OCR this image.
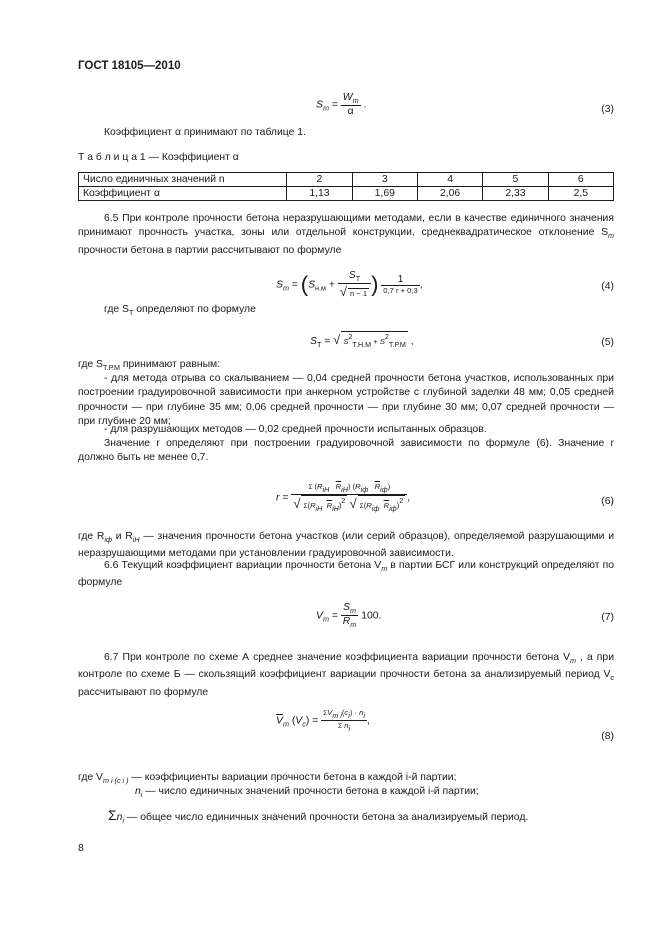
ГОСТ 18105—2010
$S_m = \frac{W_m}{\alpha}$ .	(3)

Коэффициент α принимают по таблице 1.

Т а б л и ц а 1 — Коэффициент α
Число единичных значений n	2	3	4	5	6
Коэффициент α	1,13	1,69	2,06	2,33	2,5

6.5 При контроле прочности бетона неразрушающими методами, если в качестве единичного значения принимают прочность участка, зоны или отдельной конструкции, среднеквадратическое отклонение $S_m$ прочности бетона в партии рассчитывают по формуле

$S_m = (S_{н.м} + \frac{S_Т}{√ n - 1}$ ) $\frac{1}{0,7 r + 0,3}$ ,	(4)

где $S_Т$ определяют по формуле

$S_Т$ = √ S2Т.Н.М + S2Т.Р.М ,	(5)

где $S_{Т.Р.М}$ принимают равным:

- для метода отрыва со скалыванием — 0,04 средней прочности бетона участков, использованных при построении градуировочной зависимости при анкерном устройстве с глубиной заделки 48 мм; 0,05 средней прочности — при глубине 35 мм; 0,06 средней прочности — при глубине 30 мм; 0,07 средней прочности — при глубине 20 мм;

- для разрушающих методов — 0,02 средней прочности испытанных образцов.

Значение r определяют при построении градуировочной зависимости по формуле (6). Значение r должно быть не менее 0,7.

$r = \frac{\Sigma (RiH \overline{R}iH) (Riф \overline{R}iф)}{√ \Sigma(RiH \overline{R}iH)2 √ \Sigma(Riф \overline{R}iф)2}$ ,	(6)

где $R_{iф}$ и $R_{iH}$ — значения прочности бетона участков (или серий образцов), определяемой разрушающими и неразрушающими методами при установлении градуировочной зависимости.

6.6 Текущий коэффициент вариации прочности бетона $V_m$ в партии БСГ или конструкций определяют по формуле

$V_m = \frac{S_m}{R_m} 100$.	(7)

6.7 При контроле по схеме А среднее значение коэффициента вариации прочности бетона $V_m$ , а при контроле по схеме Б — скользящий коэффициент вариации прочности бетона за анализируемый период $V_c$ рассчитывают по формуле

$\overline{V}_m$ $(V_c) = \frac{\text{ΣVm i(ci) · ni}}{\text{Σ ni}}$ ,
(8)

где $V_{m i (c i )}$ — коэффициенты вариации прочности бетона в каждой i-й партии;

$n_i$ — число единичных значений прочности бетона в каждой i-й партии;

$\Sigma n_i$ — общее число единичных значений прочности бетона за анализируемый период.

8
